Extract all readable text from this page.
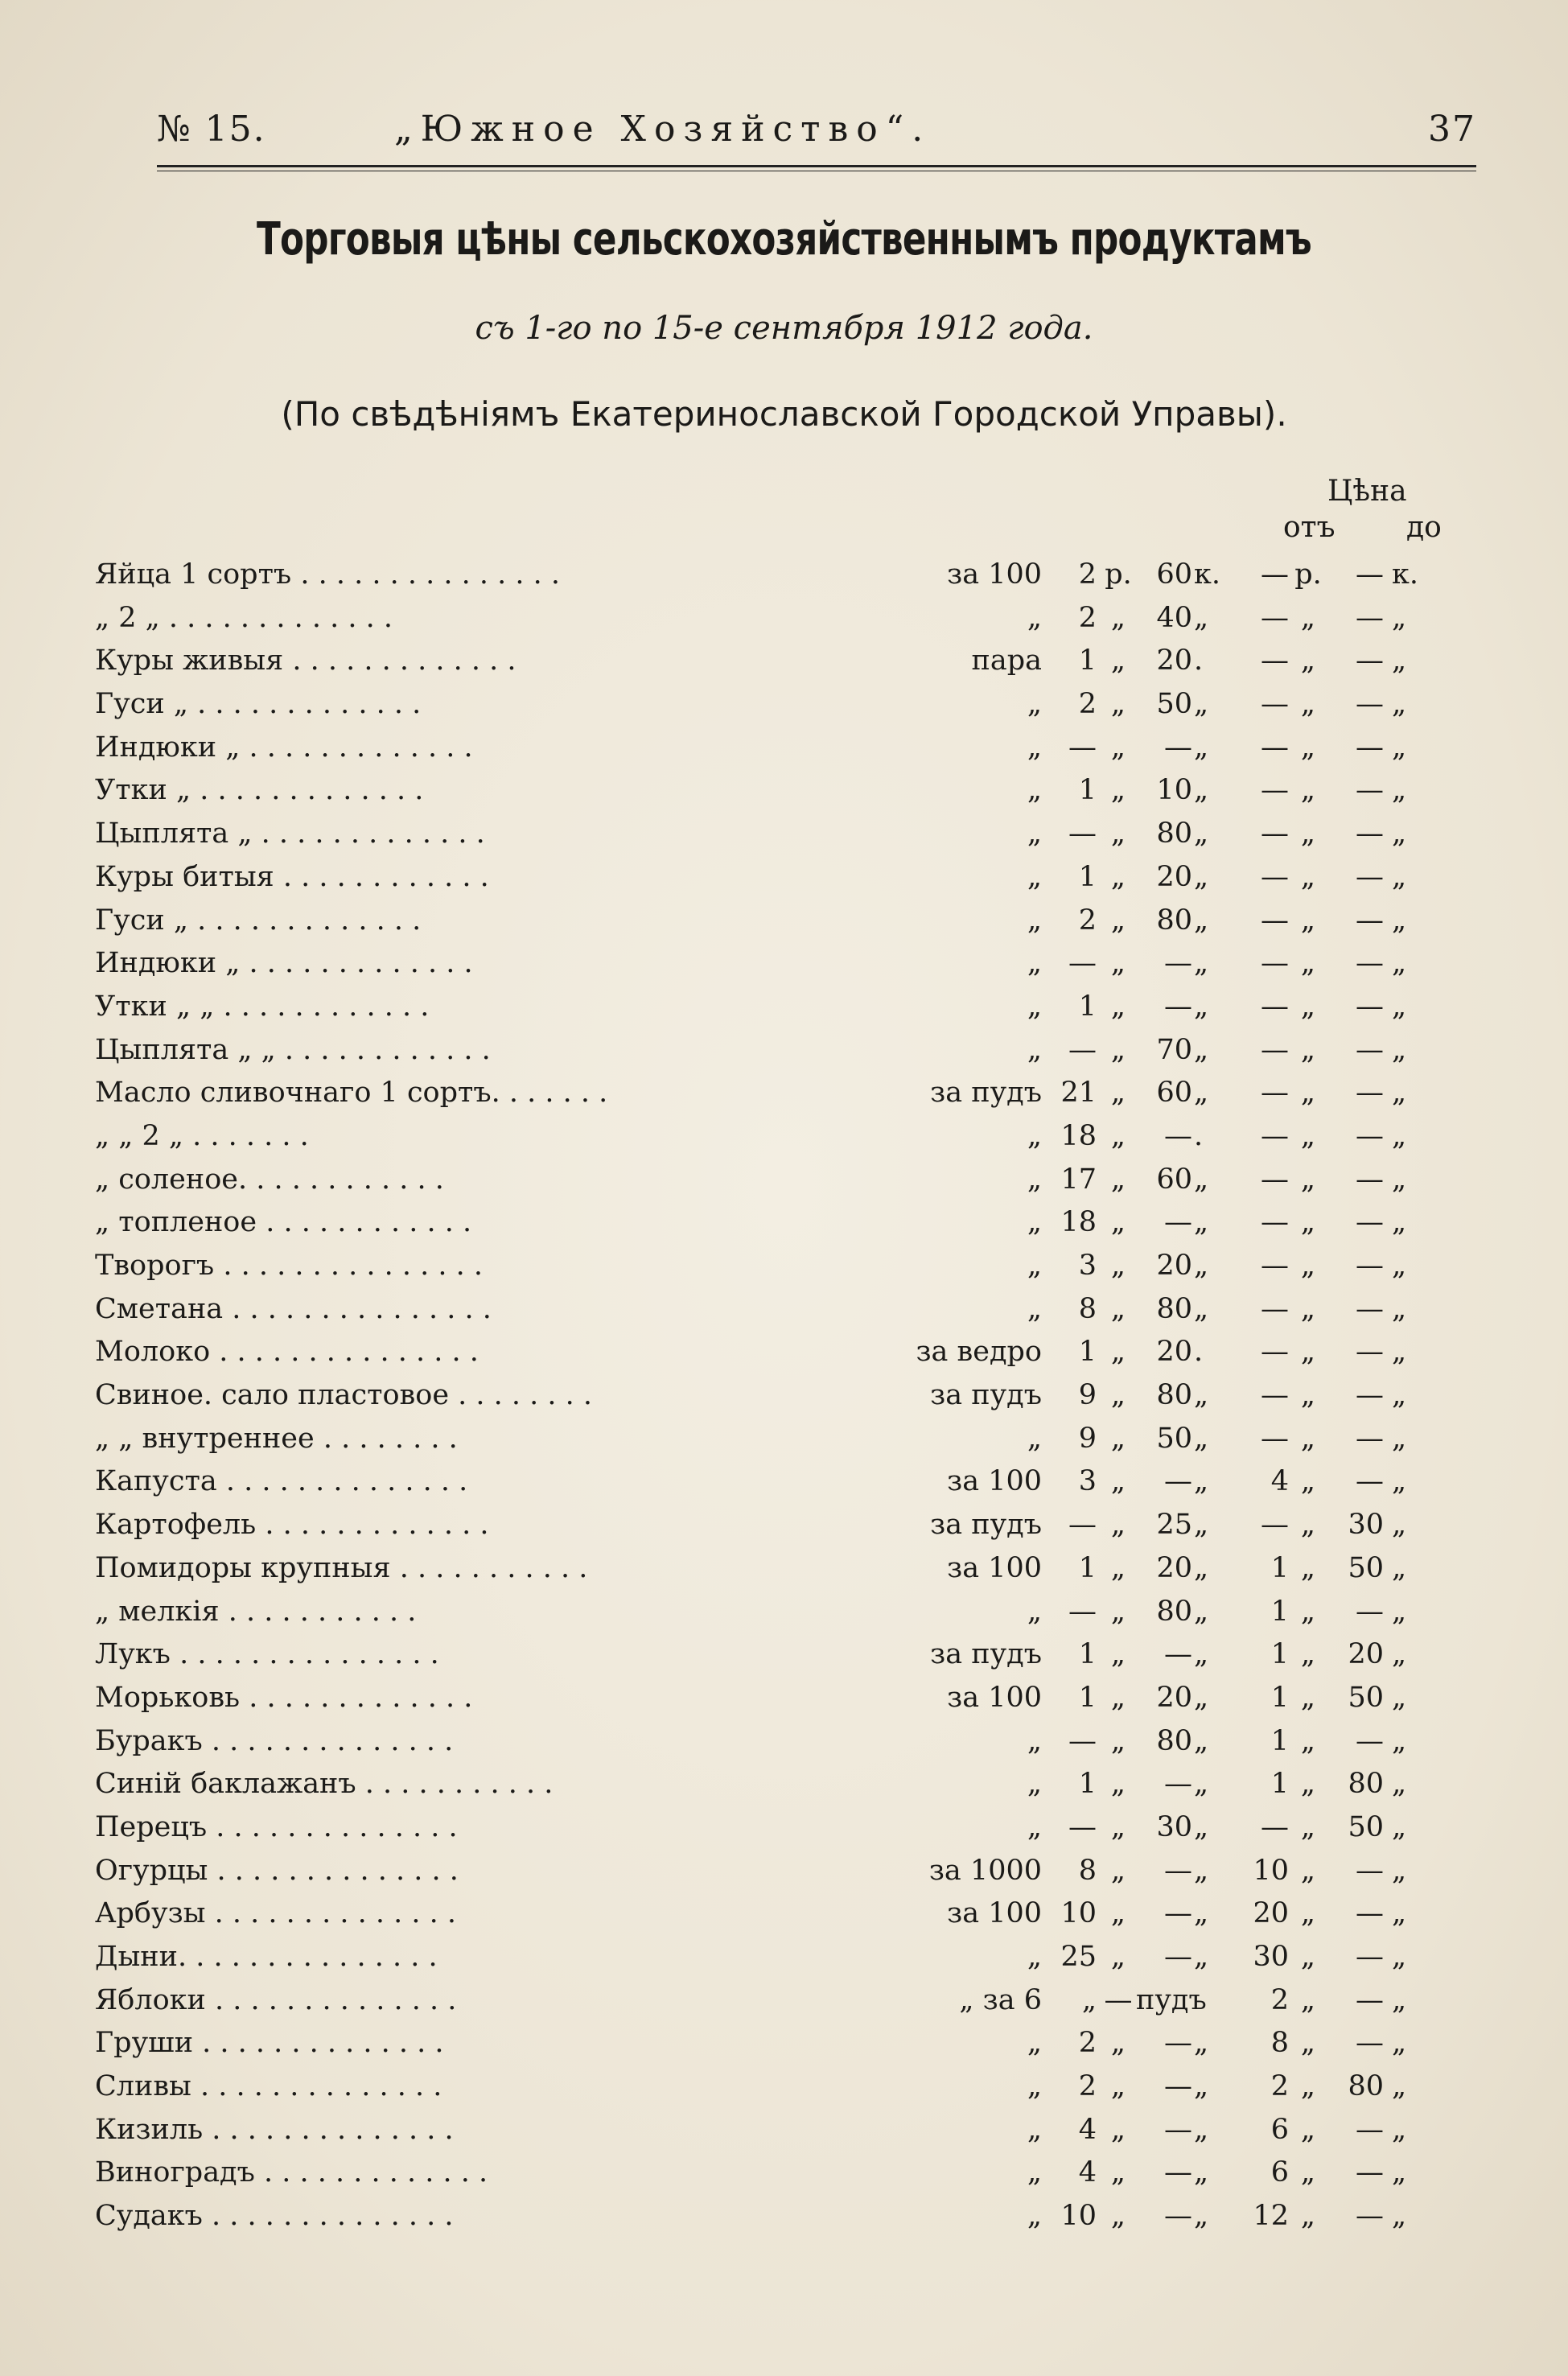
№ 15.	„Южное Хозяйство“.	37
Торговыя цѣны сельскохозяйственнымъ продуктамъ
съ 1-го по 15-е сентября 1912 года.
(По свѣдѣніямъ Екатеринославской Городской Управы).
Цѣна
отъ до
Яйца 1 сортъ . . . . . . . . . . . . . . .	за 100	2 р. 60 к.	— р.	— к.
„ 2 „ . . . . . . . . . . . . .	„	2 „	40 „	— „	— „
Куры живыя . . . . . . . . . . . . .	пара	1 „	20 .	— „	— „
Гуси „ . . . . . . . . . . . . .	„	2 „	50 „	— „	— „
Индюки „ . . . . . . . . . . . . .	„ — „	— „	— „	— „
Утки „ . . . . . . . . . . . . .	„	1 „	10 „	— „	— „
Цыплята „ . . . . . . . . . . . . .	„ — „	80 „	— „	— „
Куры битыя . . . . . . . . . . . .	„	1 „	20 „	— „	— „
Гуси „ . . . . . . . . . . . . .	„	2 „	80 „	— „	— „
Индюки „ . . . . . . . . . . . . .	„ — „	— „	— „	— „
Утки „ „ . . . . . . . . . . . .	„	1 „	— „	— „	— „
Цыплята „ „ . . . . . . . . . . . .	„ — „	70 „	— „	— „
Масло сливочнаго 1 сортъ. . . . . . .	за пудъ 21 „	60 „	— „	— „
„ „ 2 „ . . . . . . .	„ 18 „	— .	— „	— „
„ соленое. . . . . . . . . . . .	„ 17 „	60 „	— „	— „
„ топленое . . . . . . . . . . . .	„ 18 „	— „	— „	— „
Творогъ . . . . . . . . . . . . . . .	„	3 „	20 „	— „	— „
Сметана . . . . . . . . . . . . . . .	„	8 „	80 „	— „	— „
Молоко . . . . . . . . . . . . . . .	за ведро	1 „	20 .	— „	— „
Свиное. сало пластовое . . . . . . . .	за пудъ	9 „	80 „	— „	— „
„ „ внутреннее . . . . . . . .	„	9 „	50 „	— „	— „
Капуста . . . . . . . . . . . . . .	за 100	3 „	— „	4 „	— „
Картофель . . . . . . . . . . . . .	за пудъ — „	25 „	— „	30 „
Помидоры крупныя . . . . . . . . . . .	за 100	1 „	20 „	1 „	50 „
„ мелкія . . . . . . . . . . .	„ — „	80 „	1 „	— „
Лукъ . . . . . . . . . . . . . . .	за пудъ	1 „	— „	1 „	20 „
Морьковь . . . . . . . . . . . . .	за 100	1 „	20 „	1 „	50 „
Буракъ . . . . . . . . . . . . . .	„ — „	80 „	1 „	— „
Синій баклажанъ . . . . . . . . . . .	„	1 „	— „	1 „	80 „
Перецъ . . . . . . . . . . . . . .	„ — „	30 „	— „	50 „
Огурцы . . . . . . . . . . . . . .	за 1000	8 „	— „	10 „	— „
Арбузы . . . . . . . . . . . . . .	за 100 10 „	— „	20 „	— „
Дыни. . . . . . . . . . . . . . .	„ 25 „	— „	30 „	— „
Яблоки . . . . . . . . . . . . . .	„ за 6	„ — пудъ	2 „	— „
Груши . . . . . . . . . . . . . .	„	2 „	— „	8 „	— „
Сливы . . . . . . . . . . . . . .	„	2 „	— „	2 „	80 „
Кизиль . . . . . . . . . . . . . .	„	4 „	— „	6 „	— „
Виноградъ . . . . . . . . . . . . .	„	4 „	— „	6 „	— „
Судакъ . . . . . . . . . . . . . .	„ 10 „	— „	12 „	— „
